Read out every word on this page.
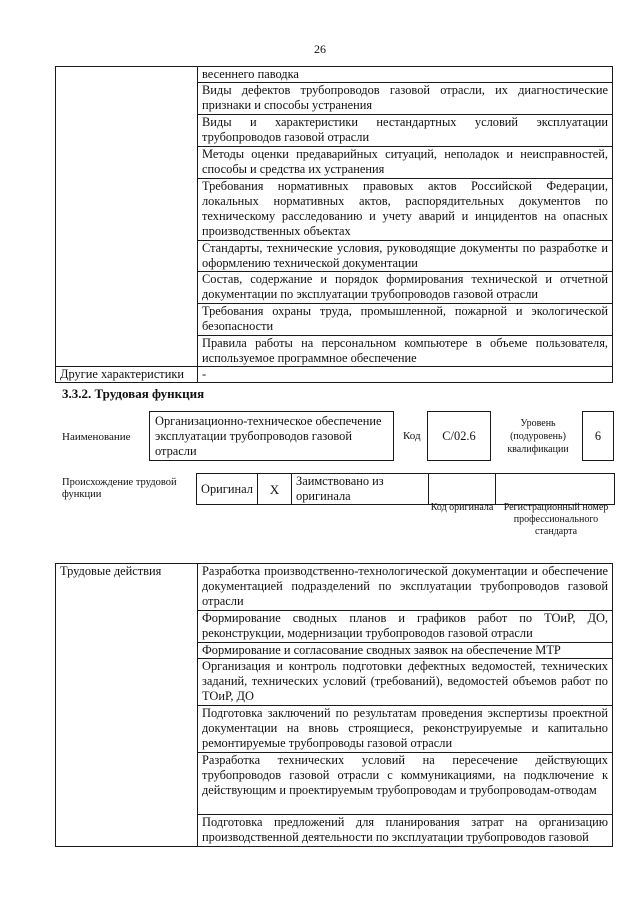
26
	весеннего паводка
	Виды дефектов трубопроводов газовой отрасли, их диагностические признаки и способы устранения
	Виды и характеристики нестандартных условий эксплуатации трубопроводов газовой отрасли
	Методы оценки предаварийных ситуаций, неполадок и неисправностей, способы и средства их устранения
	Требования нормативных правовых актов Российской Федерации, локальных нормативных актов, распорядительных документов по техническому расследованию и учету аварий и инцидентов на опасных производственных объектах
	Стандарты, технические условия, руководящие документы по разработке и оформлению технической документации
	Состав, содержание и порядок формирования технической и отчетной документации по эксплуатации трубопроводов газовой отрасли
	Требования охраны труда, промышленной, пожарной и экологической безопасности
	Правила работы на персональном компьютере в объеме пользователя, используемое программное обеспечение
Другие характеристики	-
3.3.2. Трудовая функция
Наименование
Организационно-техническое обеспечение эксплуатации трубопроводов газовой отрасли
Код	С/02.6
Уровень (подуровень) квалификации
6
Происхождение трудовой функции	Оригинал	X	Заимствовано из оригинала		
Код оригинала	Регистрационный номер профессионального стандарта
Трудовые действия	Разработка производственно-технологической документации и обеспечение документацией подразделений по эксплуатации трубопроводов газовой отрасли
Формирование сводных планов и графиков работ по ТОиР, ДО, реконструкции, модернизации трубопроводов газовой отрасли
Формирование и согласование сводных заявок на обеспечение МТР
Организация и контроль подготовки дефектных ведомостей, технических заданий, технических условий (требований), ведомостей объемов работ по ТОиР, ДО
Подготовка заключений по результатам проведения экспертизы проектной документации на вновь строящиеся, реконструируемые и капитально ремонтируемые трубопроводы газовой отрасли
Разработка технических условий на пересечение действующих трубопроводов газовой отрасли с коммуникациями, на подключение к действующим и проектируемым трубопроводам и трубопроводам-отводам
Подготовка предложений для планирования затрат на организацию производственной деятельности по эксплуатации трубопроводов газовой
